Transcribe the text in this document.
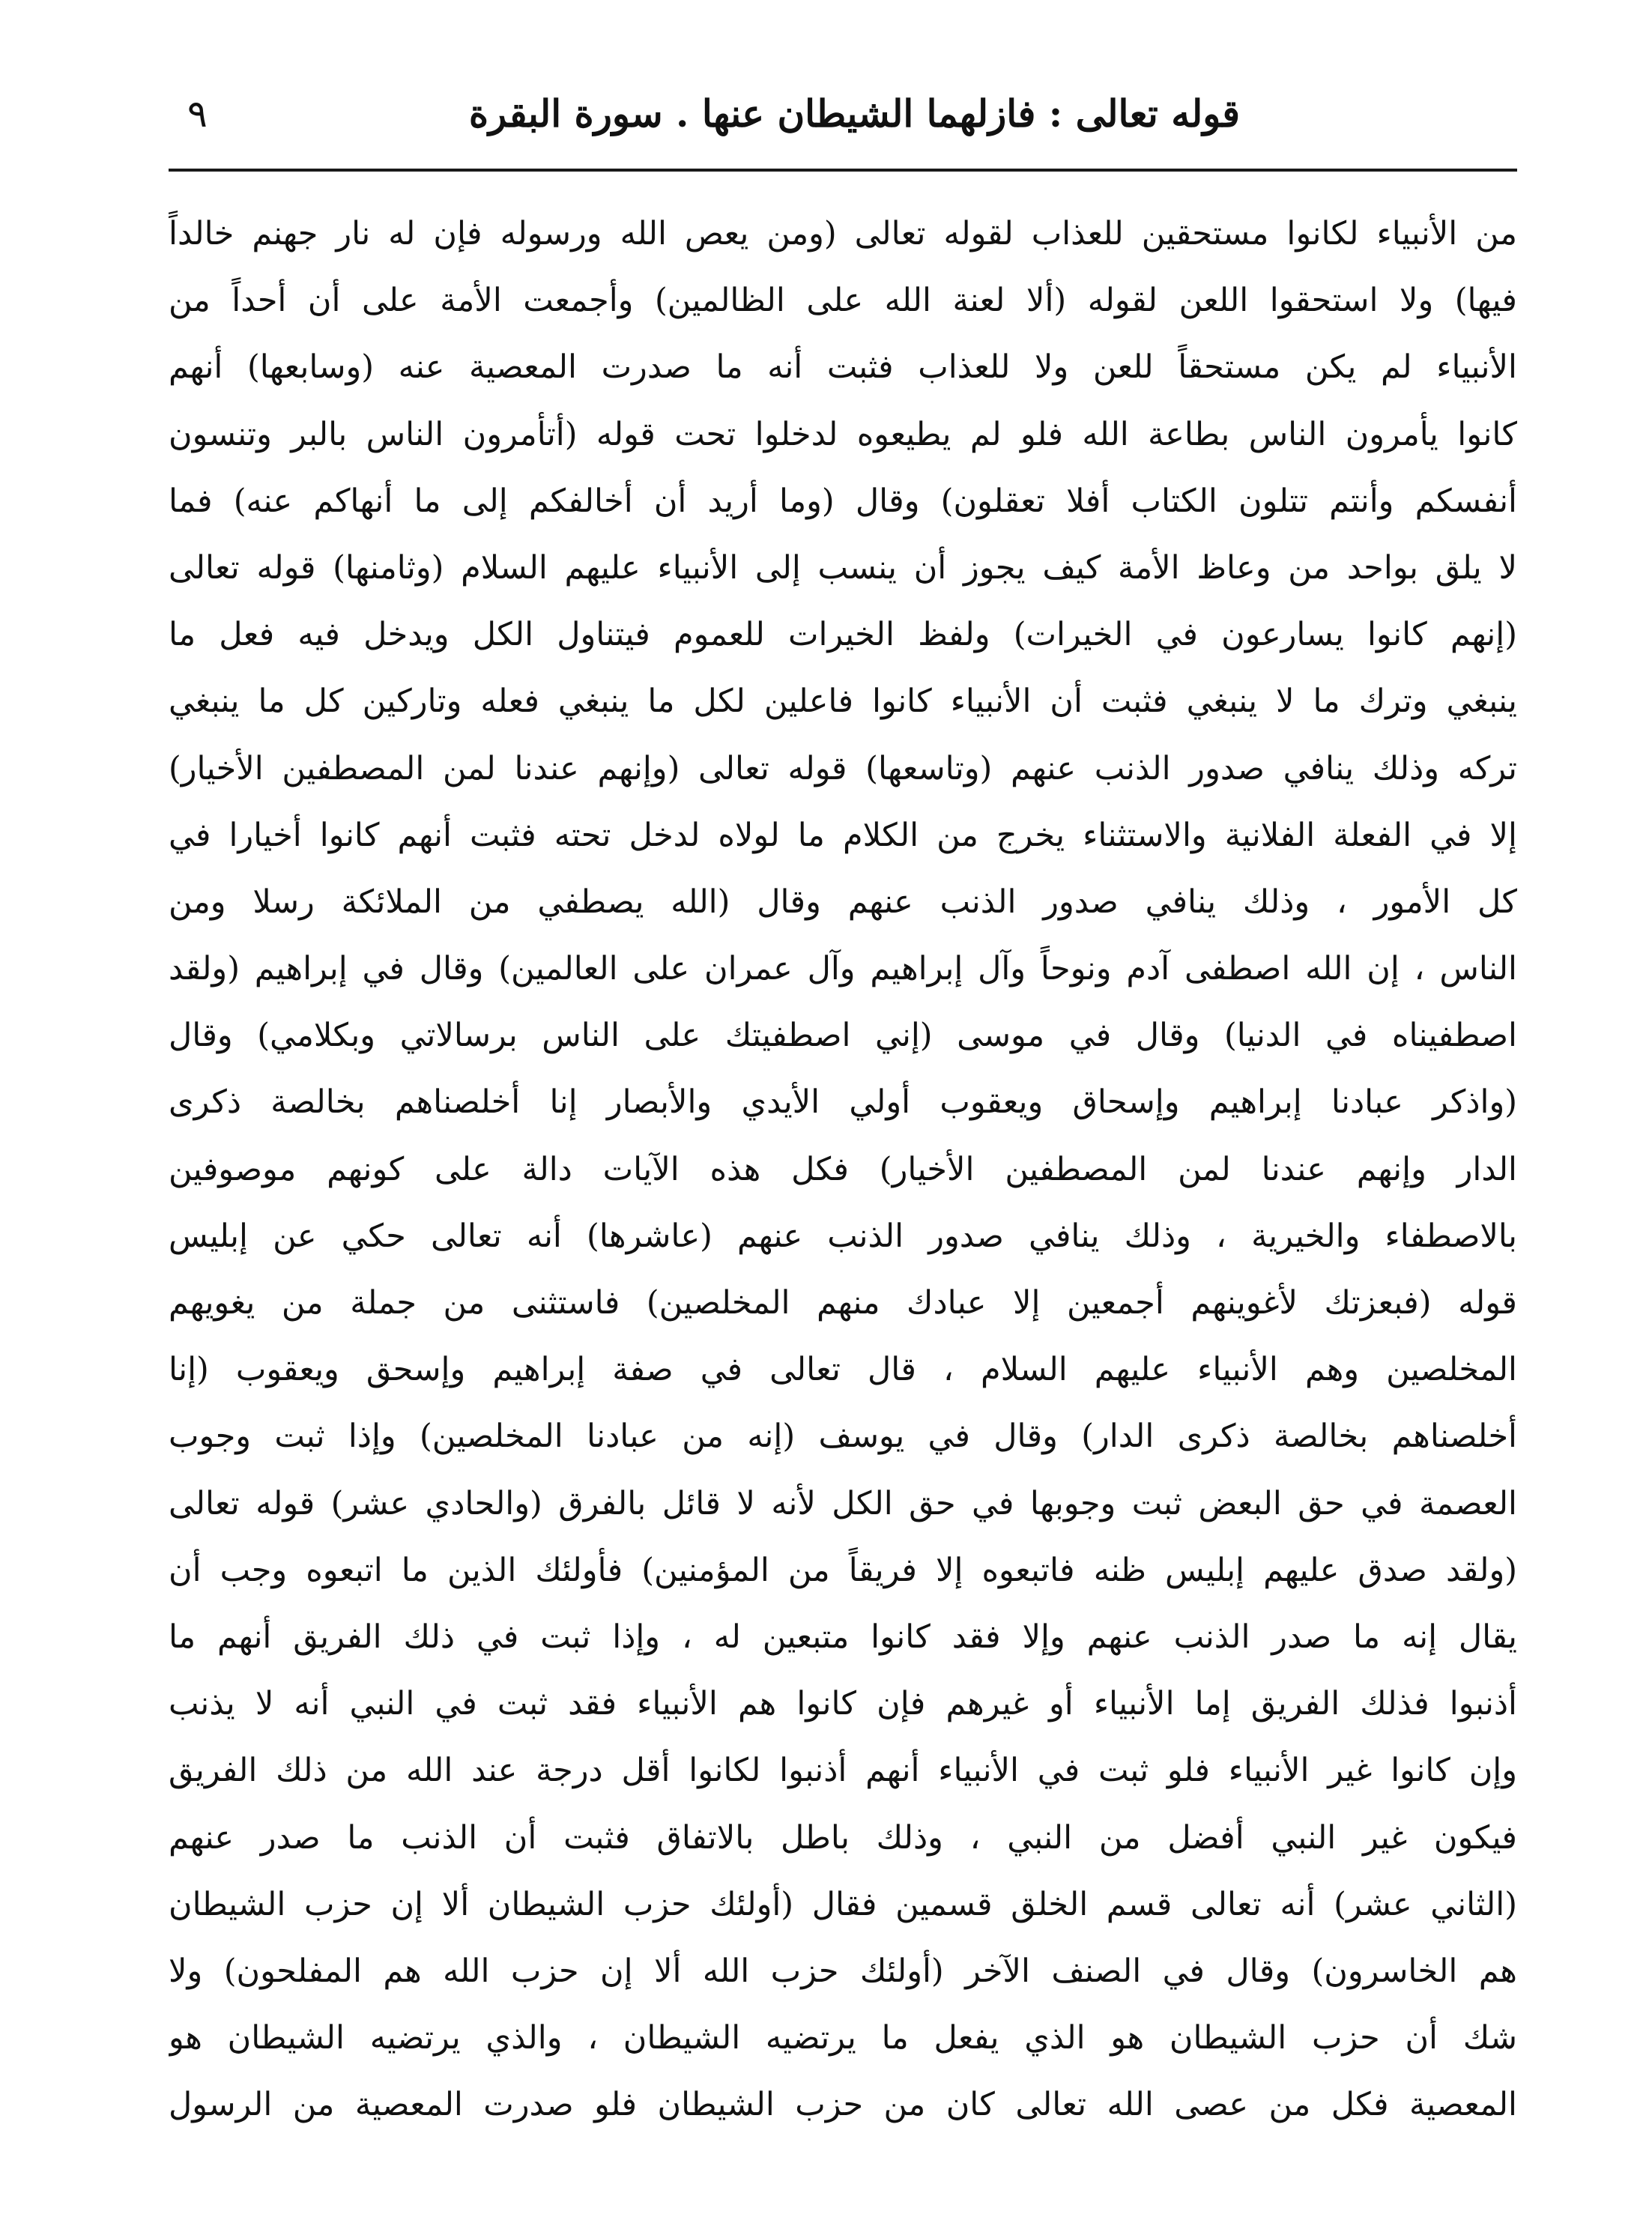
قوله تعالى : فازلهما الشيطان عنها . سورة البقرة
٩
من الأنبياء لكانوا مستحقين للعذاب لقوله تعالى (ومن يعص الله ورسوله فإن له نار جهنم خالداً
فيها) ولا استحقوا اللعن لقوله (ألا لعنة الله على الظالمين) وأجمعت الأمة على أن أحداً من
الأنبياء لم يكن مستحقاً للعن ولا للعذاب فثبت أنه ما صدرت المعصية عنه (وسابعها) أنهم
كانوا يأمرون الناس بطاعة الله فلو لم يطيعوه لدخلوا تحت قوله (أتأمرون الناس بالبر وتنسون
أنفسكم وأنتم تتلون الكتاب أفلا تعقلون) وقال (وما أريد أن أخالفكم إلى ما أنهاكم عنه) فما
لا يلق بواحد من وعاظ الأمة كيف يجوز أن ينسب إلى الأنبياء عليهم السلام (وثامنها) قوله تعالى
(إنهم كانوا يسارعون في الخيرات) ولفظ الخيرات للعموم فيتناول الكل ويدخل فيه فعل ما
ينبغي وترك ما لا ينبغي فثبت أن الأنبياء كانوا فاعلين لكل ما ينبغي فعله وتاركين كل ما ينبغي
تركه وذلك ينافي صدور الذنب عنهم (وتاسعها) قوله تعالى (وإنهم عندنا لمن المصطفين الأخيار)
إلا في الفعلة الفلانية والاستثناء يخرج من الكلام ما لولاه لدخل تحته فثبت أنهم كانوا أخيارا في
كل الأمور ، وذلك ينافي صدور الذنب عنهم وقال (الله يصطفي من الملائكة رسلا ومن
الناس ، إن الله اصطفى آدم ونوحاً وآل إبراهيم وآل عمران على العالمين) وقال في إبراهيم (ولقد
اصطفيناه في الدنيا) وقال في موسى (إني اصطفيتك على الناس برسالاتي وبكلامي) وقال
(واذكر عبادنا إبراهيم وإسحاق ويعقوب أولي الأيدي والأبصار إنا أخلصناهم بخالصة ذكرى
الدار وإنهم عندنا لمن المصطفين الأخيار) فكل هذه الآيات دالة على كونهم موصوفين
بالاصطفاء والخيرية ، وذلك ينافي صدور الذنب عنهم (عاشرها) أنه تعالى حكي عن إبليس
قوله (فبعزتك لأغوينهم أجمعين إلا عبادك منهم المخلصين) فاستثنى من جملة من يغويهم
المخلصين وهم الأنبياء عليهم السلام ، قال تعالى في صفة إبراهيم وإسحق ويعقوب (إنا
أخلصناهم بخالصة ذكرى الدار) وقال في يوسف (إنه من عبادنا المخلصين) وإذا ثبت وجوب
العصمة في حق البعض ثبت وجوبها في حق الكل لأنه لا قائل بالفرق (والحادي عشر) قوله تعالى
(ولقد صدق عليهم إبليس ظنه فاتبعوه إلا فريقاً من المؤمنين) فأولئك الذين ما اتبعوه وجب أن
يقال إنه ما صدر الذنب عنهم وإلا فقد كانوا متبعين له ، وإذا ثبت في ذلك الفريق أنهم ما
أذنبوا فذلك الفريق إما الأنبياء أو غيرهم فإن كانوا هم الأنبياء فقد ثبت في النبي أنه لا يذنب
وإن كانوا غير الأنبياء فلو ثبت في الأنبياء أنهم أذنبوا لكانوا أقل درجة عند الله من ذلك الفريق
فيكون غير النبي أفضل من النبي ، وذلك باطل بالاتفاق فثبت أن الذنب ما صدر عنهم
(الثاني عشر) أنه تعالى قسم الخلق قسمين فقال (أولئك حزب الشيطان ألا إن حزب الشيطان
هم الخاسرون) وقال في الصنف الآخر (أولئك حزب الله ألا إن حزب الله هم المفلحون) ولا
شك أن حزب الشيطان هو الذي يفعل ما يرتضيه الشيطان ، والذي يرتضيه الشيطان هو
المعصية فكل من عصى الله تعالى كان من حزب الشيطان فلو صدرت المعصية من الرسول
